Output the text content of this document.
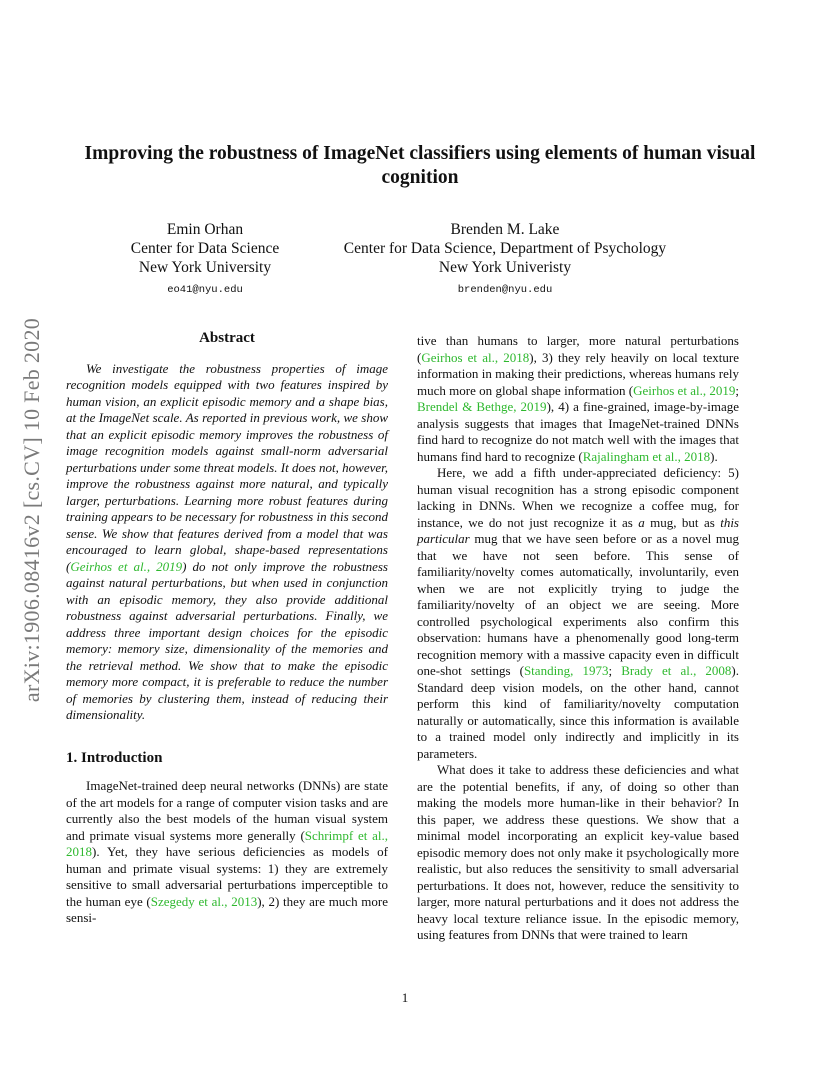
arXiv:1906.08416v2 [cs.CV] 10 Feb 2020
Improving the robustness of ImageNet classifiers using elements of human visual cognition
Emin Orhan
Center for Data Science
New York University
eo41@nyu.edu
Brenden M. Lake
Center for Data Science, Department of Psychology
New York Univeristy
brenden@nyu.edu
Abstract

We investigate the robustness properties of image recognition models equipped with two features inspired by human vision, an explicit episodic memory and a shape bias, at the ImageNet scale. As reported in previous work, we show that an explicit episodic memory improves the robustness of image recognition models against small-norm adversarial perturbations under some threat models. It does not, however, improve the robustness against more natural, and typically larger, perturbations. Learning more robust features during training appears to be necessary for robustness in this second sense. We show that features derived from a model that was encouraged to learn global, shape-based representations (Geirhos et al., 2019) do not only improve the robustness against natural perturbations, but when used in conjunction with an episodic memory, they also provide additional robustness against adversarial perturbations. Finally, we address three important design choices for the episodic memory: memory size, dimensionality of the memories and the retrieval method. We show that to make the episodic memory more compact, it is preferable to reduce the number of memories by clustering them, instead of reducing their dimensionality.

1. Introduction

ImageNet-trained deep neural networks (DNNs) are state of the art models for a range of computer vision tasks and are currently also the best models of the human visual system and primate visual systems more generally (Schrimpf et al., 2018). Yet, they have serious deficiencies as models of human and primate visual systems: 1) they are extremely sensitive to small adversarial perturbations imperceptible to the human eye (Szegedy et al., 2013), 2) they are much more sensi-

tive than humans to larger, more natural perturbations (Geirhos et al., 2018), 3) they rely heavily on local texture information in making their predictions, whereas humans rely much more on global shape information (Geirhos et al., 2019; Brendel & Bethge, 2019), 4) a fine-grained, image-by-image analysis suggests that images that ImageNet-trained DNNs find hard to recognize do not match well with the images that humans find hard to recognize (Rajalingham et al., 2018).

Here, we add a fifth under-appreciated deficiency: 5) human visual recognition has a strong episodic component lacking in DNNs. When we recognize a coffee mug, for instance, we do not just recognize it as a mug, but as this particular mug that we have seen before or as a novel mug that we have not seen before. This sense of familiarity/novelty comes automatically, involuntarily, even when we are not explicitly trying to judge the familiarity/novelty of an object we are seeing. More controlled psychological experiments also confirm this observation: humans have a phenomenally good long-term recognition memory with a massive capacity even in difficult one-shot settings (Standing, 1973; Brady et al., 2008). Standard deep vision models, on the other hand, cannot perform this kind of familiarity/novelty computation naturally or automatically, since this information is available to a trained model only indirectly and implicitly in its parameters.

What does it take to address these deficiencies and what are the potential benefits, if any, of doing so other than making the models more human-like in their behavior? In this paper, we address these questions. We show that a minimal model incorporating an explicit key-value based episodic memory does not only make it psychologically more realistic, but also reduces the sensitivity to small adversarial perturbations. It does not, however, reduce the sensitivity to larger, more natural perturbations and it does not address the heavy local texture reliance issue. In the episodic memory, using features from DNNs that were trained to learn

1
